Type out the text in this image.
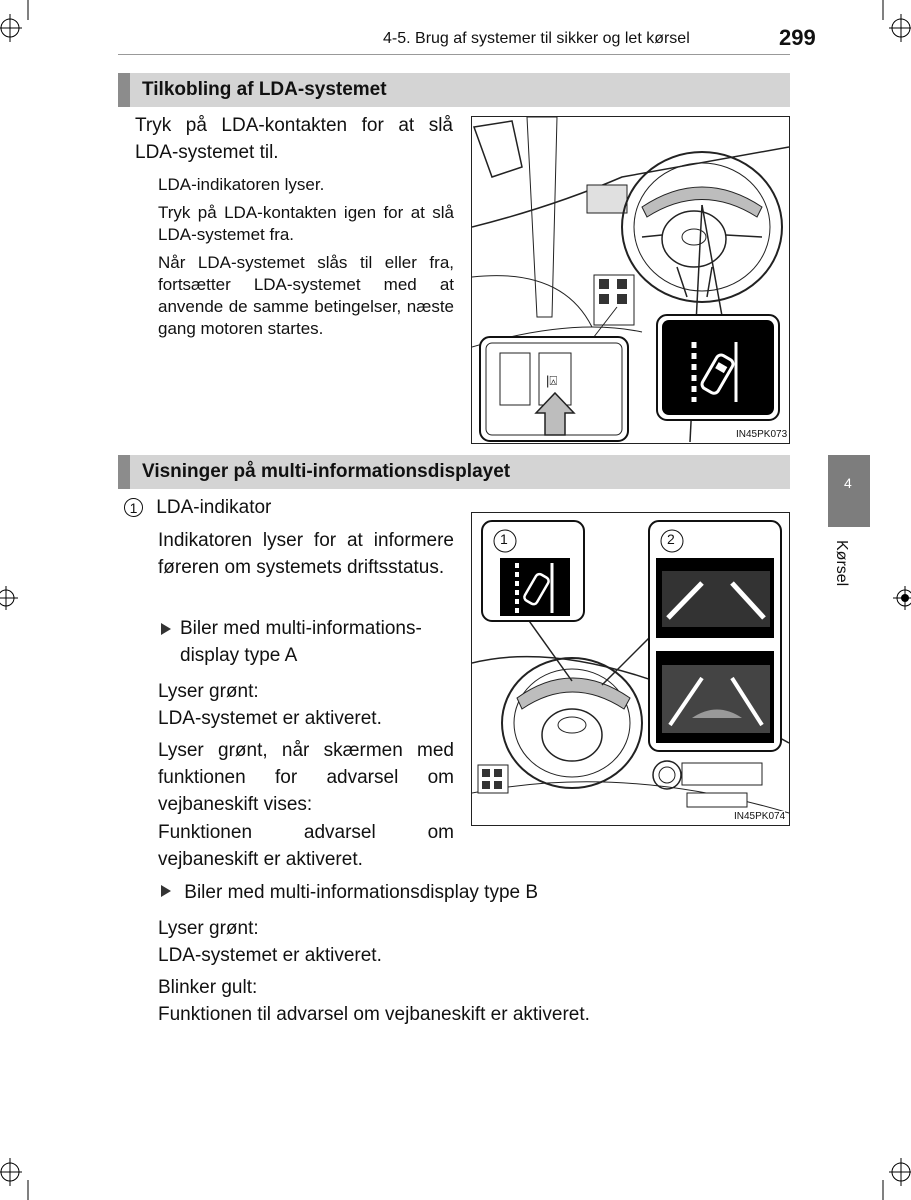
4-5. Brug af systemer til sikker og let kørsel	299
4
Kørsel
Tilkobling af LDA-systemet
Tryk på LDA-kontakten for at slå LDA-systemet til.
LDA-indikatoren lyser.
Tryk på LDA-kontakten igen for at slå LDA-systemet fra.
Når LDA-systemet slås til eller fra, fortsætter LDA-systemet med at anvende de samme betingelser, næste gang motoren startes.
|⍓
IN45PK073
Visninger på multi-informationsdisplayet
1 LDA-indikator
Indikatoren lyser for at informere føreren om systemets driftsstatus.
Biler med multi-informations-display type A
Lyser grønt:
LDA-systemet er aktiveret.
Lyser grønt, når skærmen med funktionen for advarsel om vejbaneskift vises:
Funktionen advarsel om vejbaneskift er aktiveret.
Biler med multi-informationsdisplay type B
Lyser grønt:
LDA-systemet er aktiveret.
Blinker gult:
Funktionen til advarsel om vejbaneskift er aktiveret.
1	2
IN45PK074
